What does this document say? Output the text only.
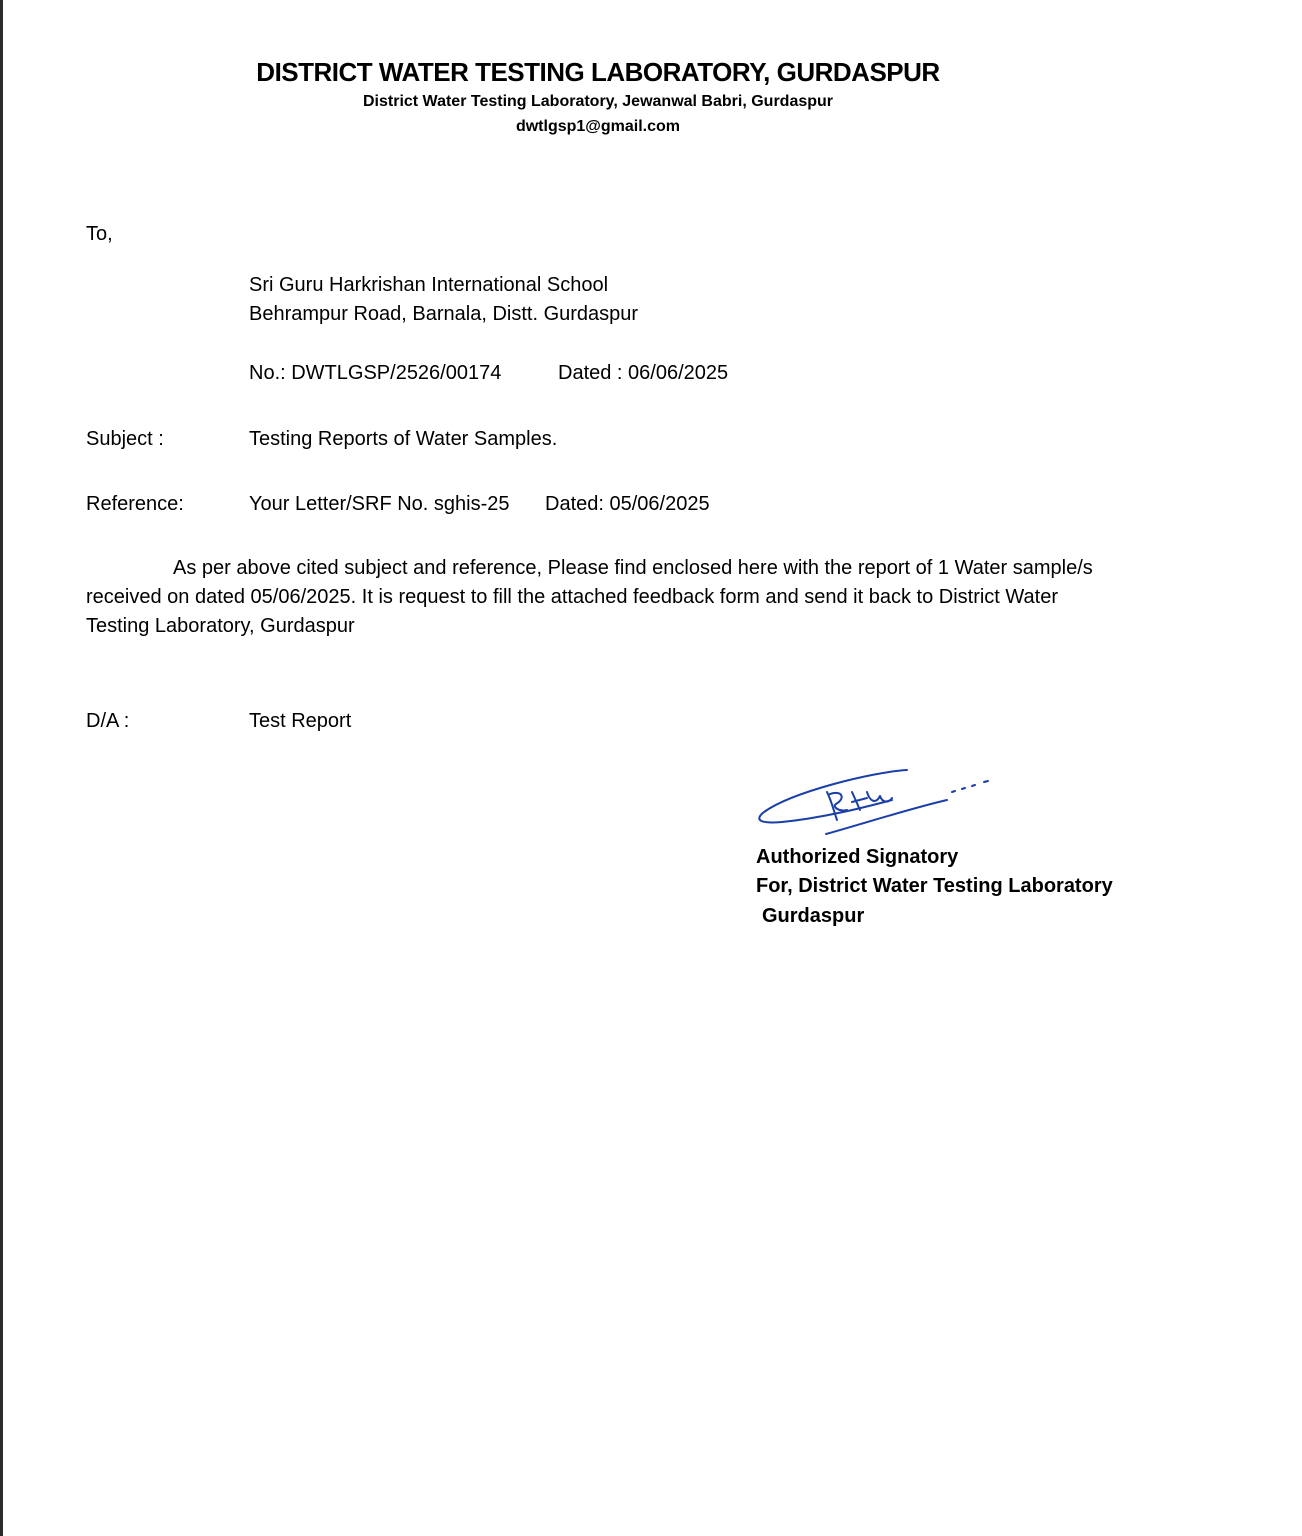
DISTRICT WATER TESTING LABORATORY, GURDASPUR
District Water Testing Laboratory, Jewanwal Babri, Gurdaspur
dwtlgsp1@gmail.com
To,
Sri Guru Harkrishan International School
Behrampur Road, Barnala, Distt. Gurdaspur
No.: DWTLGSP/2526/00174	Dated : 06/06/2025
Subject :	Testing Reports of Water Samples.
Reference:	Your Letter/SRF No. sghis-25 Dated: 05/06/2025
As per above cited subject and reference, Please find enclosed here with the report of 1 Water sample/s
received on dated 05/06/2025. It is request to fill the attached feedback form and send it back to District Water
Testing Laboratory, Gurdaspur
D/A :	Test Report
Authorized Signatory
For, District Water Testing Laboratory
Gurdaspur
